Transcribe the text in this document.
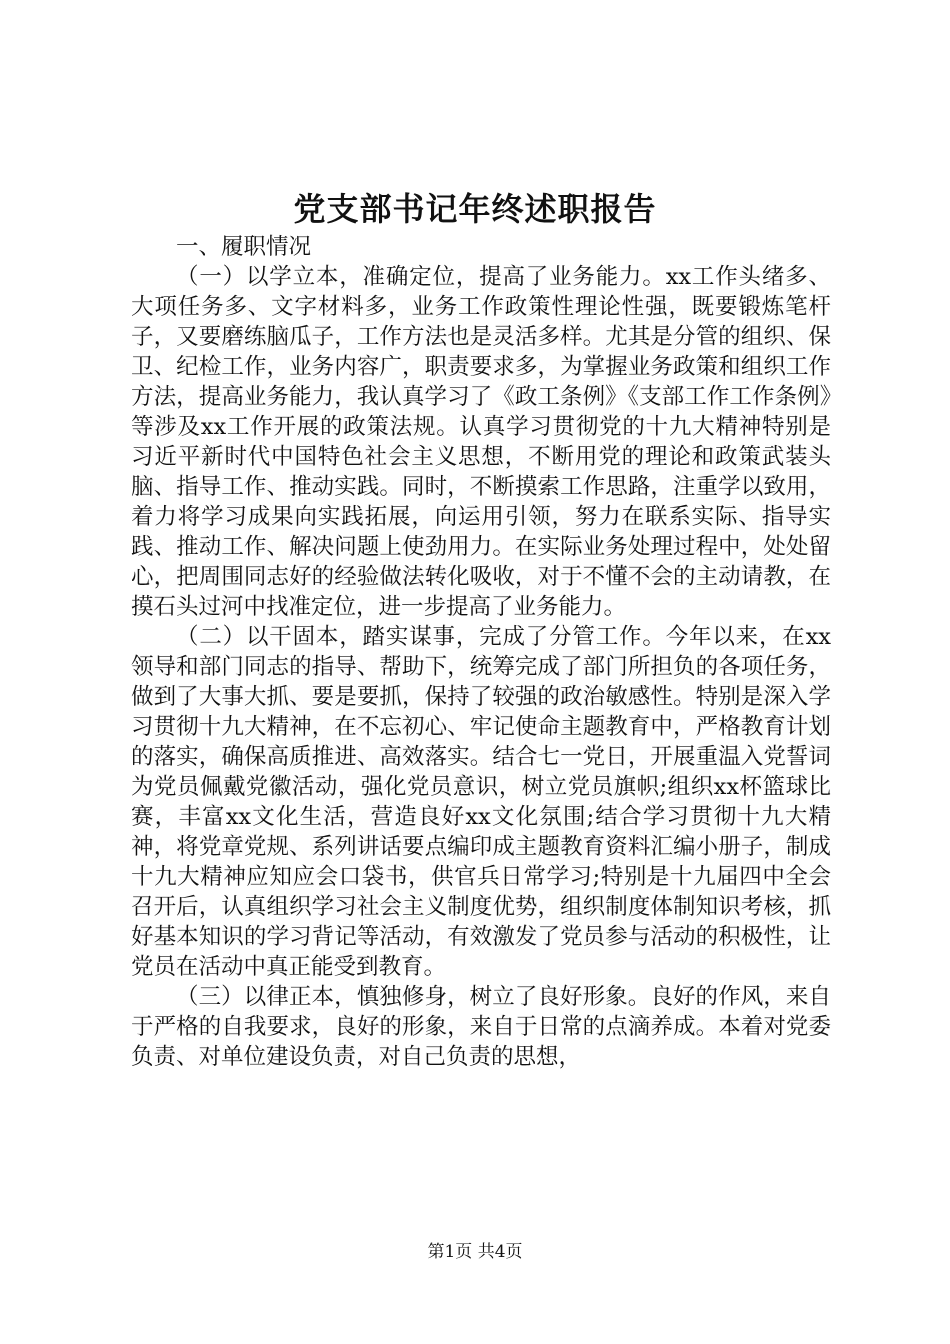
党支部书记年终述职报告

一、履职情况

（一）以学立本，准确定位，提高了业务能力。xx工作头绪多、大项任务多、文字材料多，业务工作政策性理论性强，既要锻炼笔杆子，又要磨练脑瓜子，工作方法也是灵活多样。尤其是分管的组织、保卫、纪检工作，业务内容广，职责要求多，为掌握业务政策和组织工作方法，提高业务能力，我认真学习了《政工条例》《支部工作工作条例》等涉及xx工作开展的政策法规。认真学习贯彻党的十九大精神特别是习近平新时代中国特色社会主义思想，不断用党的理论和政策武装头脑、指导工作、推动实践。同时，不断摸索工作思路，注重学以致用，着力将学习成果向实践拓展，向运用引领，努力在联系实际、指导实践、推动工作、解决问题上使劲用力。在实际业务处理过程中，处处留心，把周围同志好的经验做法转化吸收，对于不懂不会的主动请教，在摸石头过河中找准定位，进一步提高了业务能力。

（二）以干固本，踏实谋事，完成了分管工作。今年以来，在xx领导和部门同志的指导、帮助下，统筹完成了部门所担负的各项任务，做到了大事大抓、要是要抓，保持了较强的政治敏感性。特别是深入学习贯彻十九大精神，在不忘初心、牢记使命主题教育中，严格教育计划的落实，确保高质推进、高效落实。结合七一党日，开展重温入党誓词为党员佩戴党徽活动，强化党员意识，树立党员旗帜;组织xx杯篮球比赛，丰富xx文化生活，营造良好xx文化氛围;结合学习贯彻十九大精神，将党章党规、系列讲话要点编印成主题教育资料汇编小册子，制成十九大精神应知应会口袋书，供官兵日常学习;特别是十九届四中全会召开后，认真组织学习社会主义制度优势，组织制度体制知识考核，抓好基本知识的学习背记等活动，有效激发了党员参与活动的积极性，让党员在活动中真正能受到教育。

（三）以律正本，慎独修身，树立了良好形象。良好的作风，来自于严格的自我要求，良好的形象，来自于日常的点滴养成。本着对党委负责、对单位建设负责，对自己负责的思想，

第1页 共4页
